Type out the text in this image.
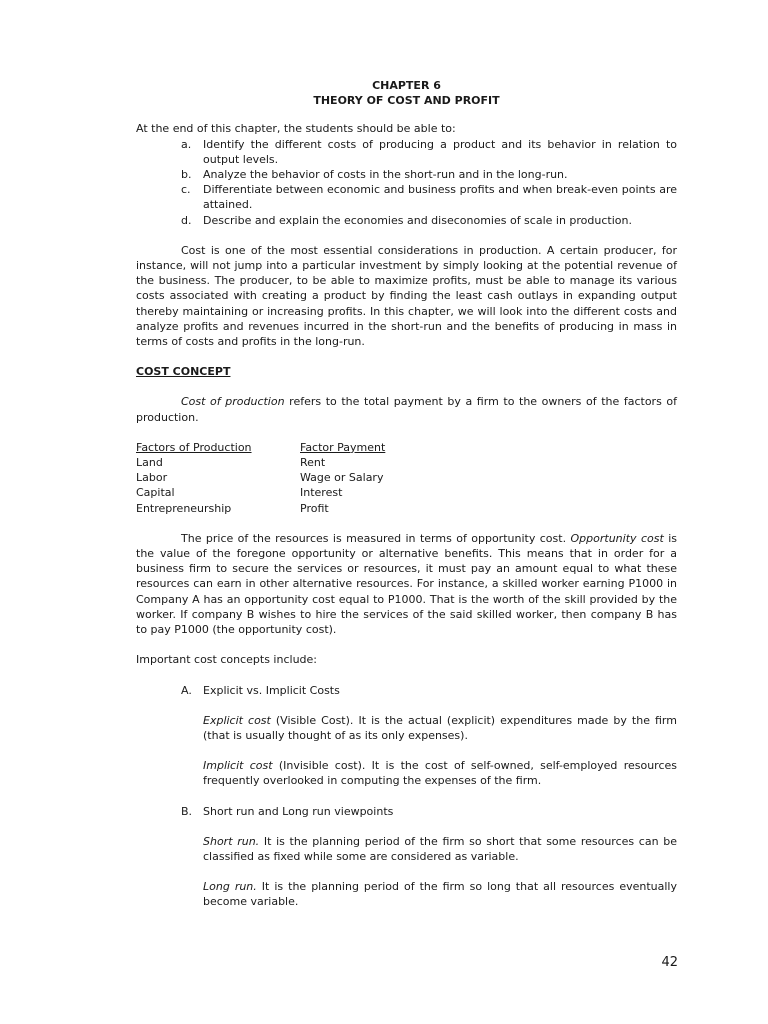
CHAPTER 6
THEORY OF COST AND PROFIT
At the end of this chapter, the students should be able to:
a. Identify the different costs of producing a product and its behavior in relation to output levels.
b. Analyze the behavior of costs in the short-run and in the long-run.
c. Differentiate between economic and business profits and when break-even points are attained.
d. Describe and explain the economies and diseconomies of scale in production.

Cost is one of the most essential considerations in production. A certain producer, for instance, will not jump into a particular investment by simply looking at the potential revenue of the business. The producer, to be able to maximize profits, must be able to manage its various costs associated with creating a product by finding the least cash outlays in expanding output thereby maintaining or increasing profits. In this chapter, we will look into the different costs and analyze profits and revenues incurred in the short-run and the benefits of producing in mass in terms of costs and profits in the long-run.

COST CONCEPT

Cost of production refers to the total payment by a firm to the owners of the factors of production.

Factors of Production	Factor Payment
Land	Rent
Labor	Wage or Salary
Capital	Interest
Entrepreneurship	Profit

The price of the resources is measured in terms of opportunity cost. Opportunity cost is the value of the foregone opportunity or alternative benefits. This means that in order for a business firm to secure the services or resources, it must pay an amount equal to what these resources can earn in other alternative resources. For instance, a skilled worker earning P1000 in Company A has an opportunity cost equal to P1000. That is the worth of the skill provided by the worker. If company B wishes to hire the services of the said skilled worker, then company B has to pay P1000 (the opportunity cost).

Important cost concepts include:
A. Explicit vs. Implicit Costs
Explicit cost (Visible Cost). It is the actual (explicit) expenditures made by the firm (that is usually thought of as its only expenses).
Implicit cost (Invisible cost). It is the cost of self-owned, self-employed resources frequently overlooked in computing the expenses of the firm.
B. Short run and Long run viewpoints
Short run. It is the planning period of the firm so short that some resources can be classified as fixed while some are considered as variable.
Long run. It is the planning period of the firm so long that all resources eventually become variable.
42
